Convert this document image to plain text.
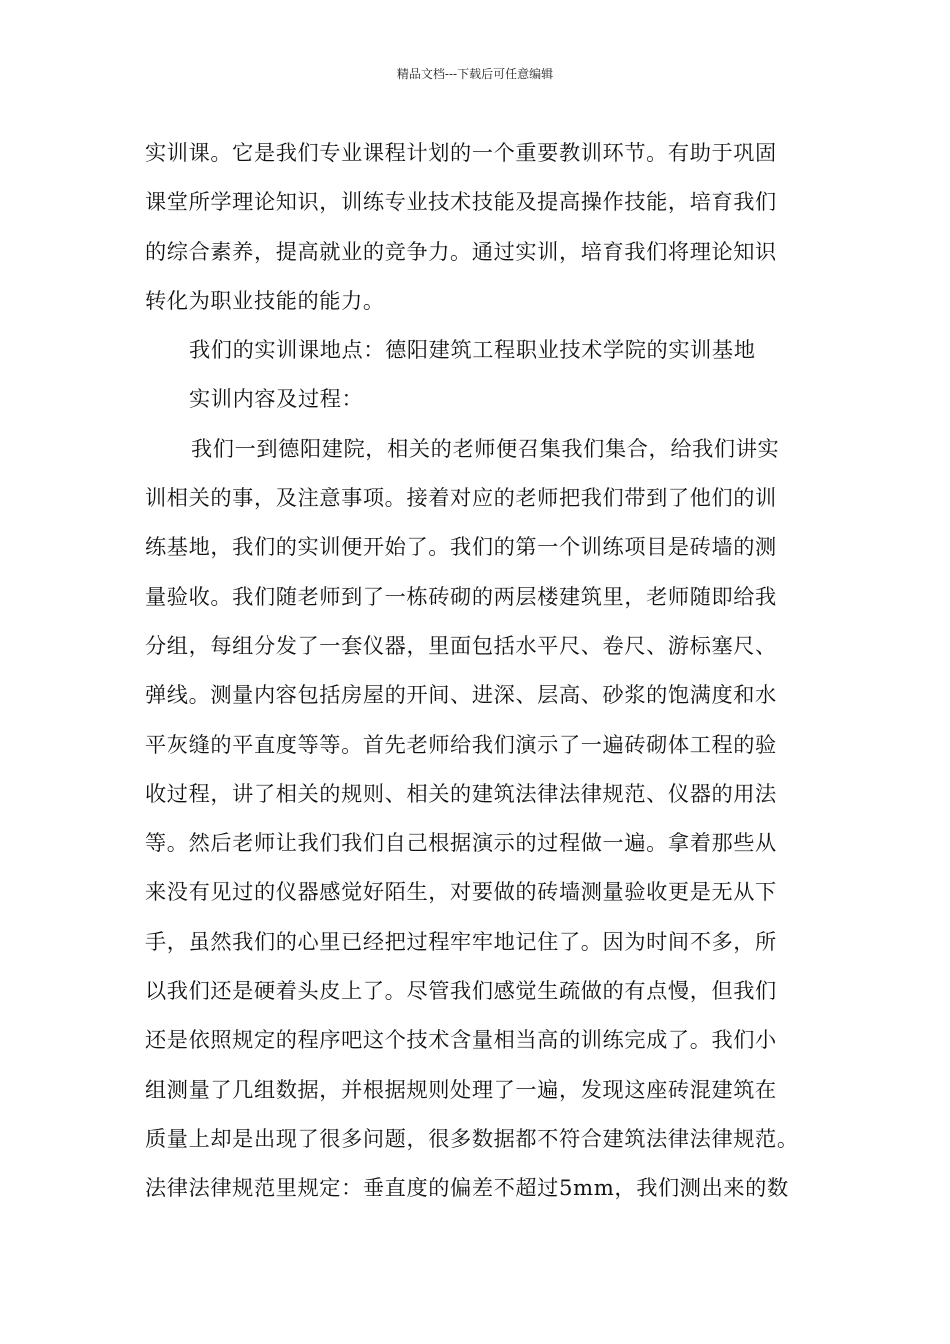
精品文档---下载后可任意编辑
实训课。它是我们专业课程计划的一个重要教训环节。有助于巩固
课堂所学理论知识，训练专业技术技能及提高操作技能，培育我们
的综合素养，提高就业的竞争力。通过实训，培育我们将理论知识
转化为职业技能的能力。
我们的实训课地点：德阳建筑工程职业技术学院的实训基地
实训内容及过程：
我们一到德阳建院，相关的老师便召集我们集合，给我们讲实
训相关的事，及注意事项。接着对应的老师把我们带到了他们的训
练基地，我们的实训便开始了。我们的第一个训练项目是砖墙的测
量验收。我们随老师到了一栋砖砌的两层楼建筑里，老师随即给我
分组，每组分发了一套仪器，里面包括水平尺、卷尺、游标塞尺、
弹线。测量内容包括房屋的开间、进深、层高、砂浆的饱满度和水
平灰缝的平直度等等。首先老师给我们演示了一遍砖砌体工程的验
收过程，讲了相关的规则、相关的建筑法律法律规范、仪器的用法
等。然后老师让我们我们自己根据演示的过程做一遍。拿着那些从
来没有见过的仪器感觉好陌生，对要做的砖墙测量验收更是无从下
手，虽然我们的心里已经把过程牢牢地记住了。因为时间不多，所
以我们还是硬着头皮上了。尽管我们感觉生疏做的有点慢，但我们
还是依照规定的程序吧这个技术含量相当高的训练完成了。我们小
组测量了几组数据，并根据规则处理了一遍，发现这座砖混建筑在
质量上却是出现了很多问题，很多数据都不符合建筑法律法律规范。
法律法律规范里规定：垂直度的偏差不超过5mm，我们测出来的数
